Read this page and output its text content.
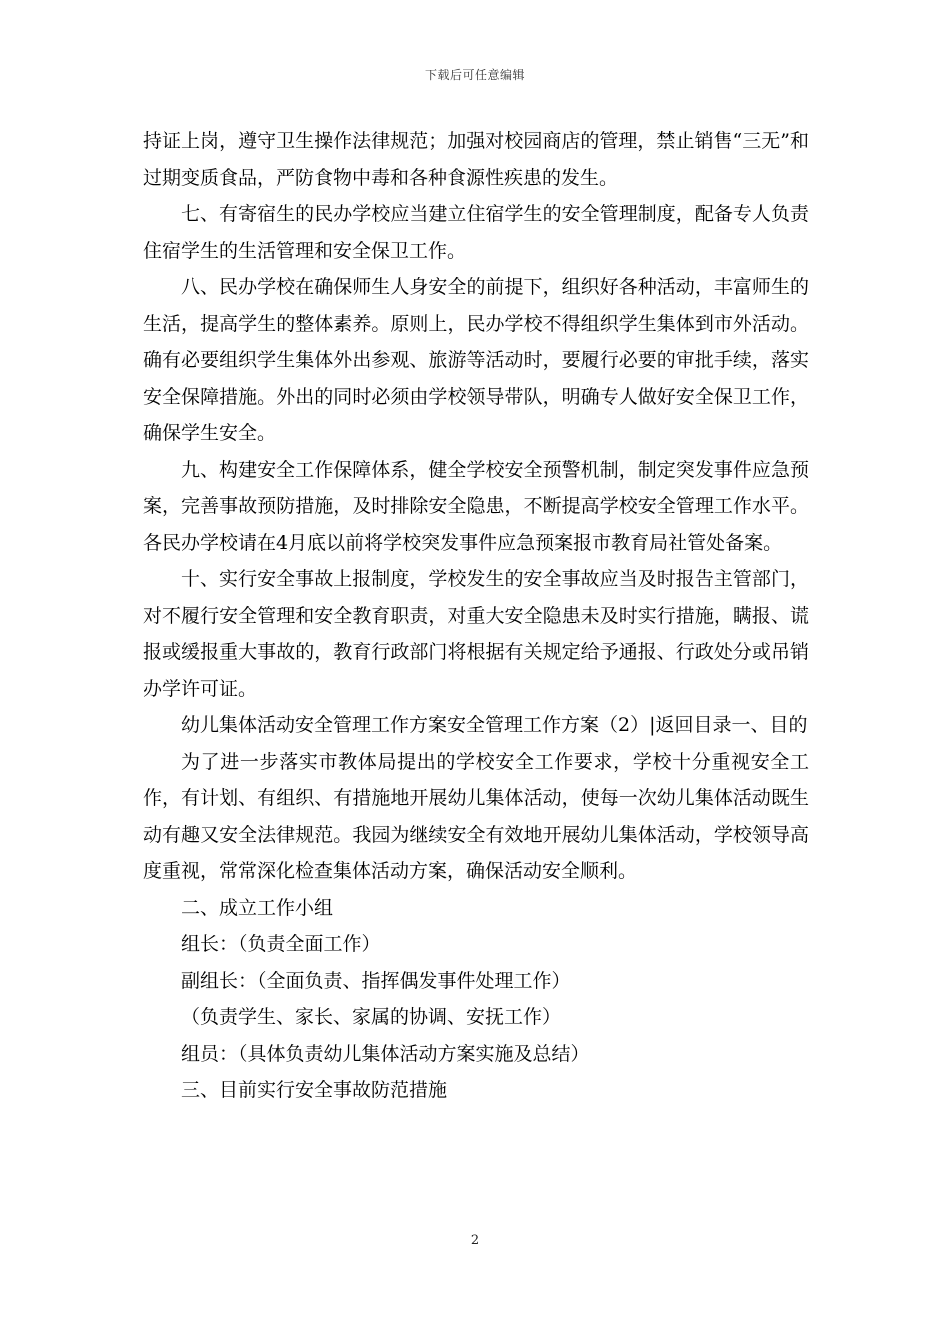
下载后可任意编辑

持证上岗，遵守卫生操作法律规范；加强对校园商店的管理，禁止销售“三无”和过期变质食品，严防食物中毒和各种食源性疾患的发生。

七、有寄宿生的民办学校应当建立住宿学生的安全管理制度，配备专人负责住宿学生的生活管理和安全保卫工作。

八、民办学校在确保师生人身安全的前提下，组织好各种活动，丰富师生的生活，提高学生的整体素养。原则上，民办学校不得组织学生集体到市外活动。确有必要组织学生集体外出参观、旅游等活动时，要履行必要的审批手续，落实安全保障措施。外出的同时必须由学校领导带队，明确专人做好安全保卫工作，确保学生安全。

九、构建安全工作保障体系，健全学校安全预警机制，制定突发事件应急预案，完善事故预防措施，及时排除安全隐患，不断提高学校安全管理工作水平。各民办学校请在4月底以前将学校突发事件应急预案报市教育局社管处备案。

十、实行安全事故上报制度，学校发生的安全事故应当及时报告主管部门，对不履行安全管理和安全教育职责，对重大安全隐患未及时实行措施，瞒报、谎报或缓报重大事故的，教育行政部门将根据有关规定给予通报、行政处分或吊销办学许可证。

幼儿集体活动安全管理工作方案安全管理工作方案（2）|返回目录一、目的

为了进一步落实市教体局提出的学校安全工作要求，学校十分重视安全工作，有计划、有组织、有措施地开展幼儿集体活动，使每一次幼儿集体活动既生动有趣又安全法律规范。我园为继续安全有效地开展幼儿集体活动，学校领导高度重视，常常深化检查集体活动方案，确保活动安全顺利。

二、成立工作小组

组长：（负责全面工作）

副组长：（全面负责、指挥偶发事件处理工作）

（负责学生、家长、家属的协调、安抚工作）

组员：（具体负责幼儿集体活动方案实施及总结）

三、目前实行安全事故防范措施

2
